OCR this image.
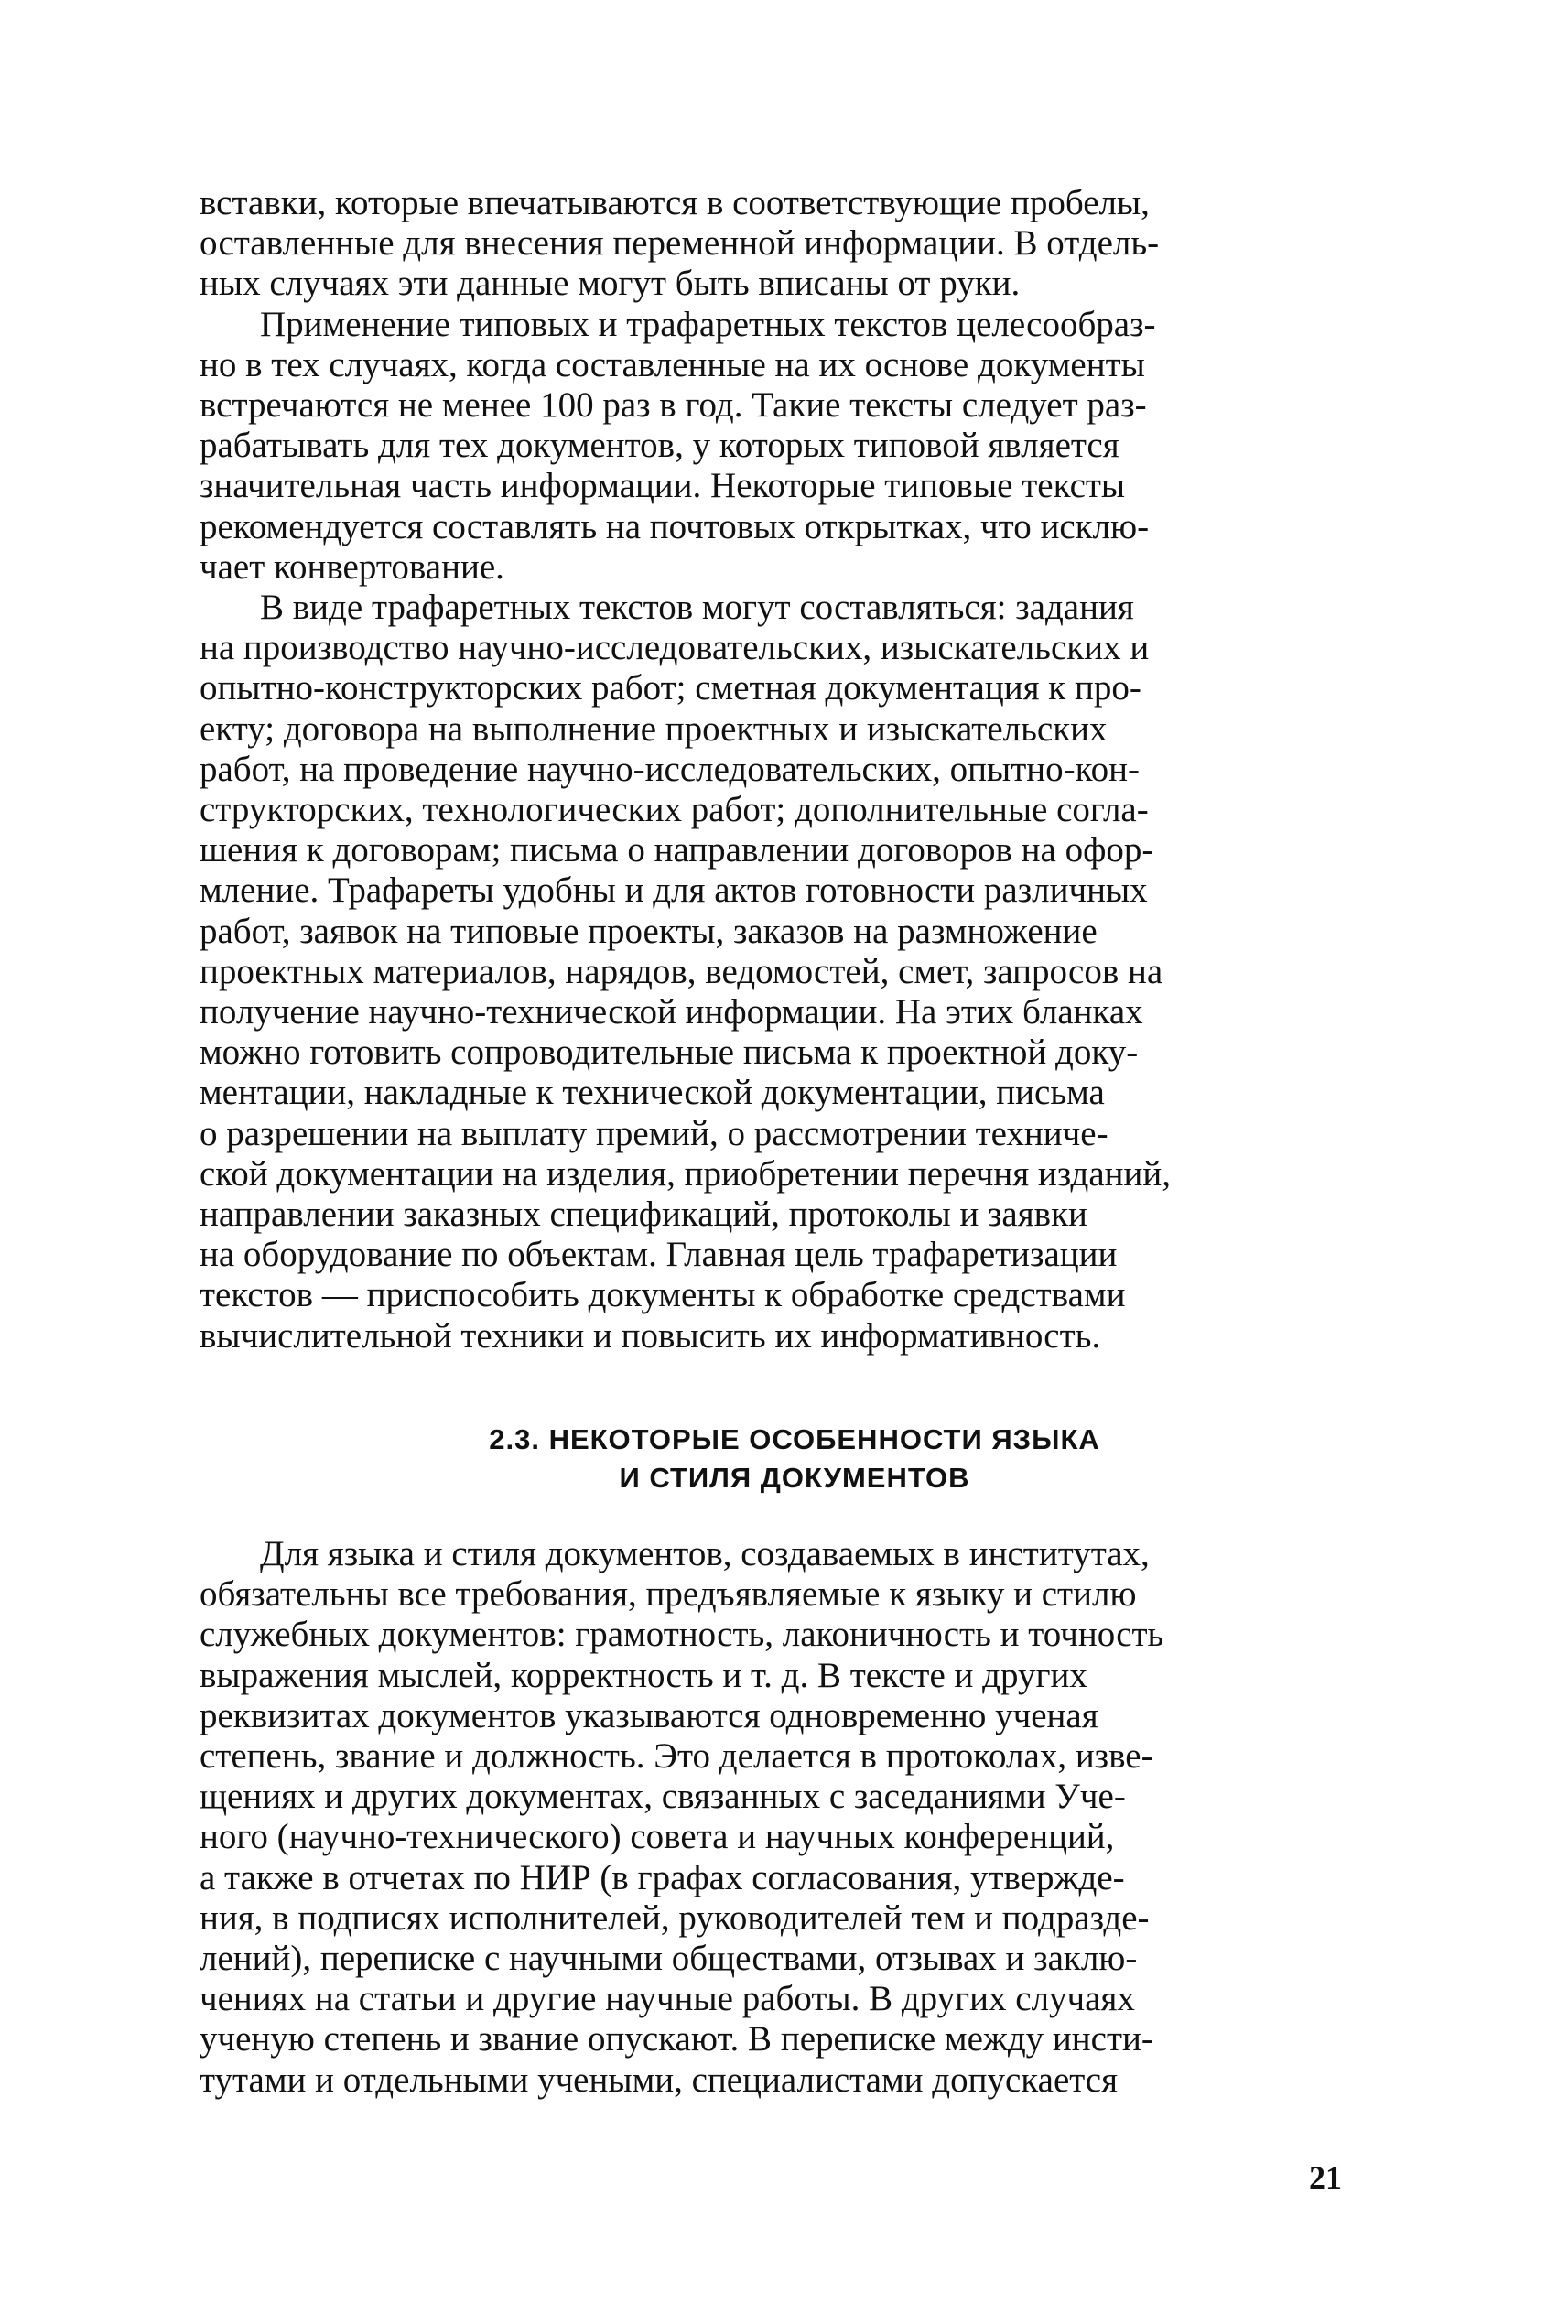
вставки, которые впечатываются в соответствующие пробелы,
оставленные для внесения переменной информации. В отдель-
ных случаях эти данные могут быть вписаны от руки.
Применение типовых и трафаретных текстов целесообраз-
но в тех случаях, когда составленные на их основе документы
встречаются не менее 100 раз в год. Такие тексты следует раз-
рабатывать для тех документов, у которых типовой является
значительная часть информации. Некоторые типовые тексты
рекомендуется составлять на почтовых открытках, что исклю-
чает конвертование.
В виде трафаретных текстов могут составляться: задания
на производство научно-исследовательских, изыскательских и
опытно-конструкторских работ; сметная документация к про-
екту; договора на выполнение проектных и изыскательских
работ, на проведение научно-исследовательских, опытно-кон-
структорских, технологических работ; дополнительные согла-
шения к договорам; письма о направлении договоров на офор-
мление. Трафареты удобны и для актов готовности различных
работ, заявок на типовые проекты, заказов на размножение
проектных материалов, нарядов, ведомостей, смет, запросов на
получение научно-технической информации. На этих бланках
можно готовить сопроводительные письма к проектной доку-
ментации, накладные к технической документации, письма
о разрешении на выплату премий, о рассмотрении техниче-
ской документации на изделия, приобретении перечня изданий,
направлении заказных спецификаций, протоколы и заявки
на оборудование по объектам. Главная цель трафаретизации
текстов — приспособить документы к обработке средствами
вычислительной техники и повысить их информативность.
2.3. НЕКОТОРЫЕ ОСОБЕННОСТИ ЯЗЫКА
И СТИЛЯ ДОКУМЕНТОВ
Для языка и стиля документов, создаваемых в институтах,
обязательны все требования, предъявляемые к языку и стилю
служебных документов: грамотность, лаконичность и точность
выражения мыслей, корректность и т. д. В тексте и других
реквизитах документов указываются одновременно ученая
степень, звание и должность. Это делается в протоколах, изве-
щениях и других документах, связанных с заседаниями Уче-
ного (научно-технического) совета и научных конференций,
а также в отчетах по НИР (в графах согласования, утвержде-
ния, в подписях исполнителей, руководителей тем и подразде-
лений), переписке с научными обществами, отзывах и заклю-
чениях на статьи и другие научные работы. В других случаях
ученую степень и звание опускают. В переписке между инсти-
тутами и отдельными учеными, специалистами допускается
21
